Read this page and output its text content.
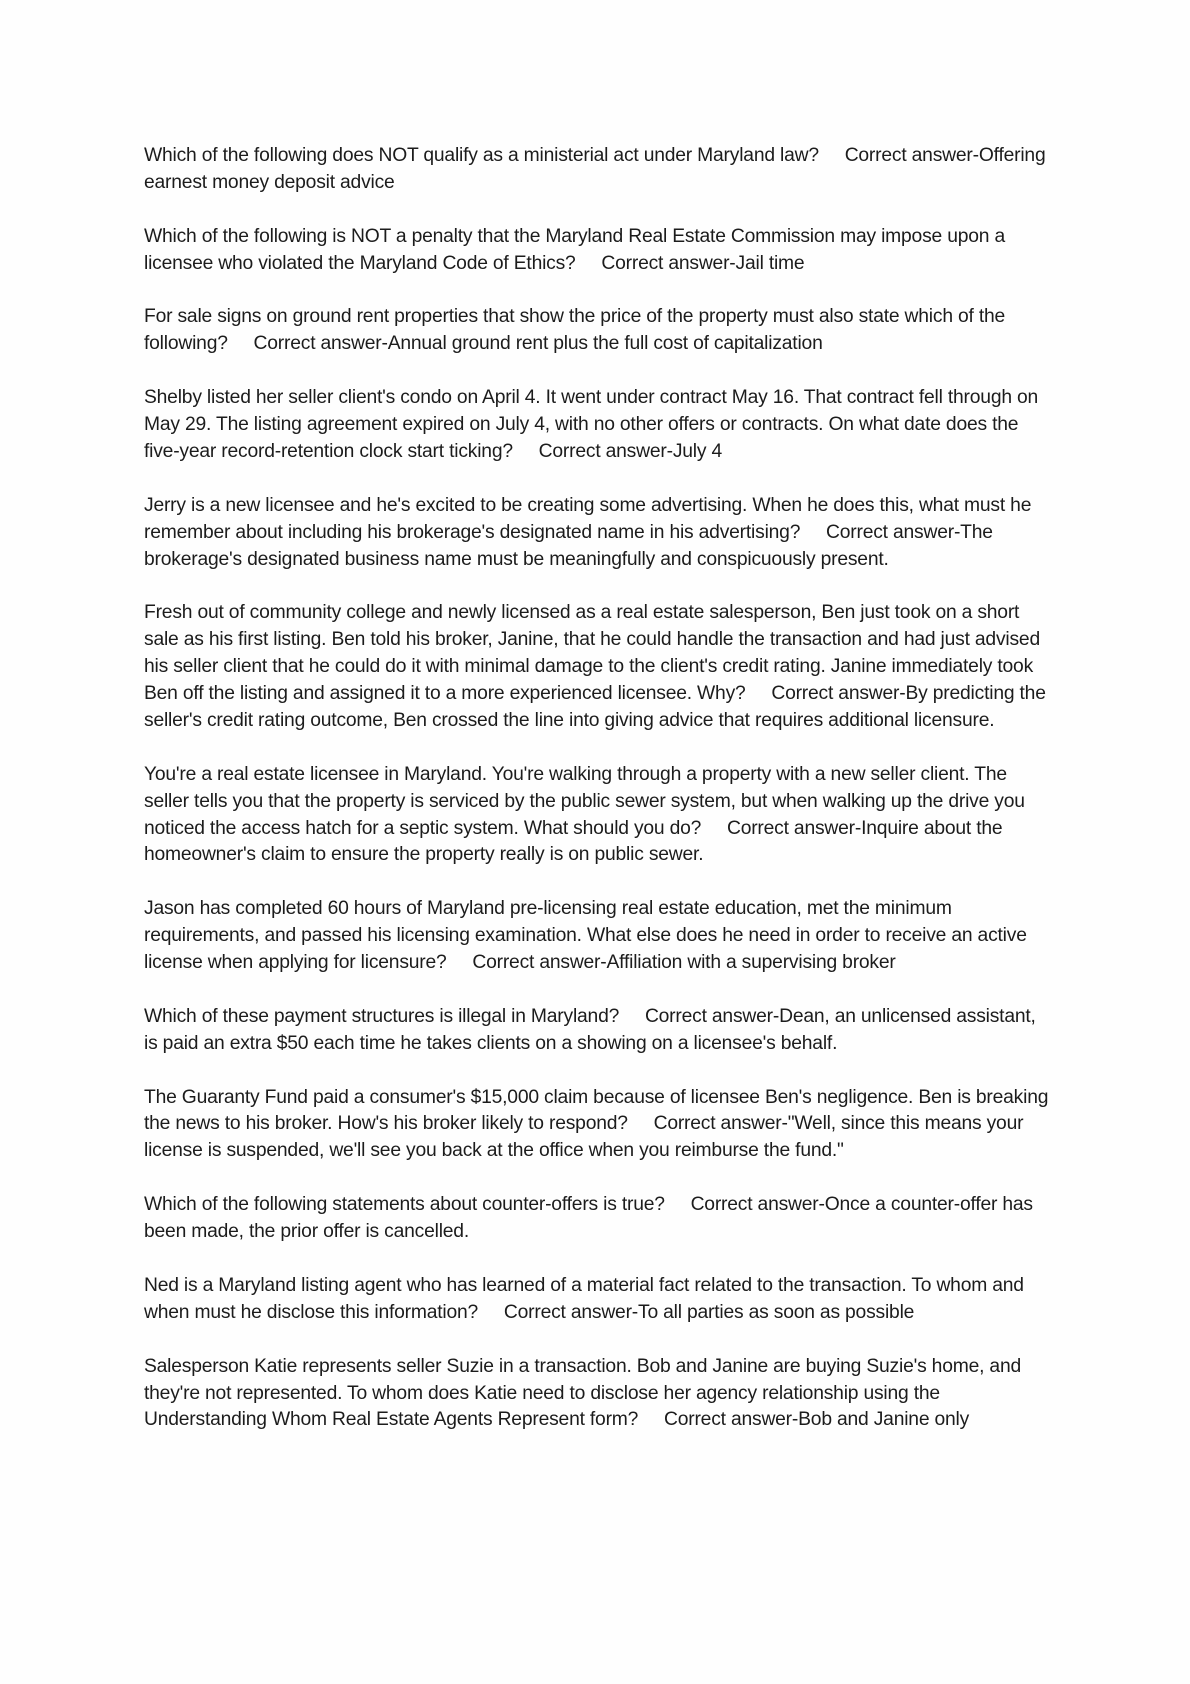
Which of the following does NOT qualify as a ministerial act under Maryland law? Correct answer-Offering earnest money deposit advice

Which of the following is NOT a penalty that the Maryland Real Estate Commission may impose upon a licensee who violated the Maryland Code of Ethics? Correct answer-Jail time

For sale signs on ground rent properties that show the price of the property must also state which of the following? Correct answer-Annual ground rent plus the full cost of capitalization

Shelby listed her seller client's condo on April 4. It went under contract May 16. That contract fell through on May 29. The listing agreement expired on July 4, with no other offers or contracts. On what date does the five-year record-retention clock start ticking? Correct answer-July 4

Jerry is a new licensee and he's excited to be creating some advertising. When he does this, what must he remember about including his brokerage's designated name in his advertising? Correct answer-The brokerage's designated business name must be meaningfully and conspicuously present.

Fresh out of community college and newly licensed as a real estate salesperson, Ben just took on a short sale as his first listing. Ben told his broker, Janine, that he could handle the transaction and had just advised his seller client that he could do it with minimal damage to the client's credit rating. Janine immediately took Ben off the listing and assigned it to a more experienced licensee. Why? Correct answer-By predicting the seller's credit rating outcome, Ben crossed the line into giving advice that requires additional licensure.

You're a real estate licensee in Maryland. You're walking through a property with a new seller client. The seller tells you that the property is serviced by the public sewer system, but when walking up the drive you noticed the access hatch for a septic system. What should you do? Correct answer-Inquire about the homeowner's claim to ensure the property really is on public sewer.

Jason has completed 60 hours of Maryland pre-licensing real estate education, met the minimum requirements, and passed his licensing examination. What else does he need in order to receive an active license when applying for licensure? Correct answer-Affiliation with a supervising broker

Which of these payment structures is illegal in Maryland? Correct answer-Dean, an unlicensed assistant, is paid an extra $50 each time he takes clients on a showing on a licensee's behalf.

The Guaranty Fund paid a consumer's $15,000 claim because of licensee Ben's negligence. Ben is breaking the news to his broker. How's his broker likely to respond? Correct answer-"Well, since this means your license is suspended, we'll see you back at the office when you reimburse the fund."

Which of the following statements about counter-offers is true? Correct answer-Once a counter-offer has been made, the prior offer is cancelled.

Ned is a Maryland listing agent who has learned of a material fact related to the transaction. To whom and when must he disclose this information? Correct answer-To all parties as soon as possible

Salesperson Katie represents seller Suzie in a transaction. Bob and Janine are buying Suzie's home, and they're not represented. To whom does Katie need to disclose her agency relationship using the Understanding Whom Real Estate Agents Represent form? Correct answer-Bob and Janine only
